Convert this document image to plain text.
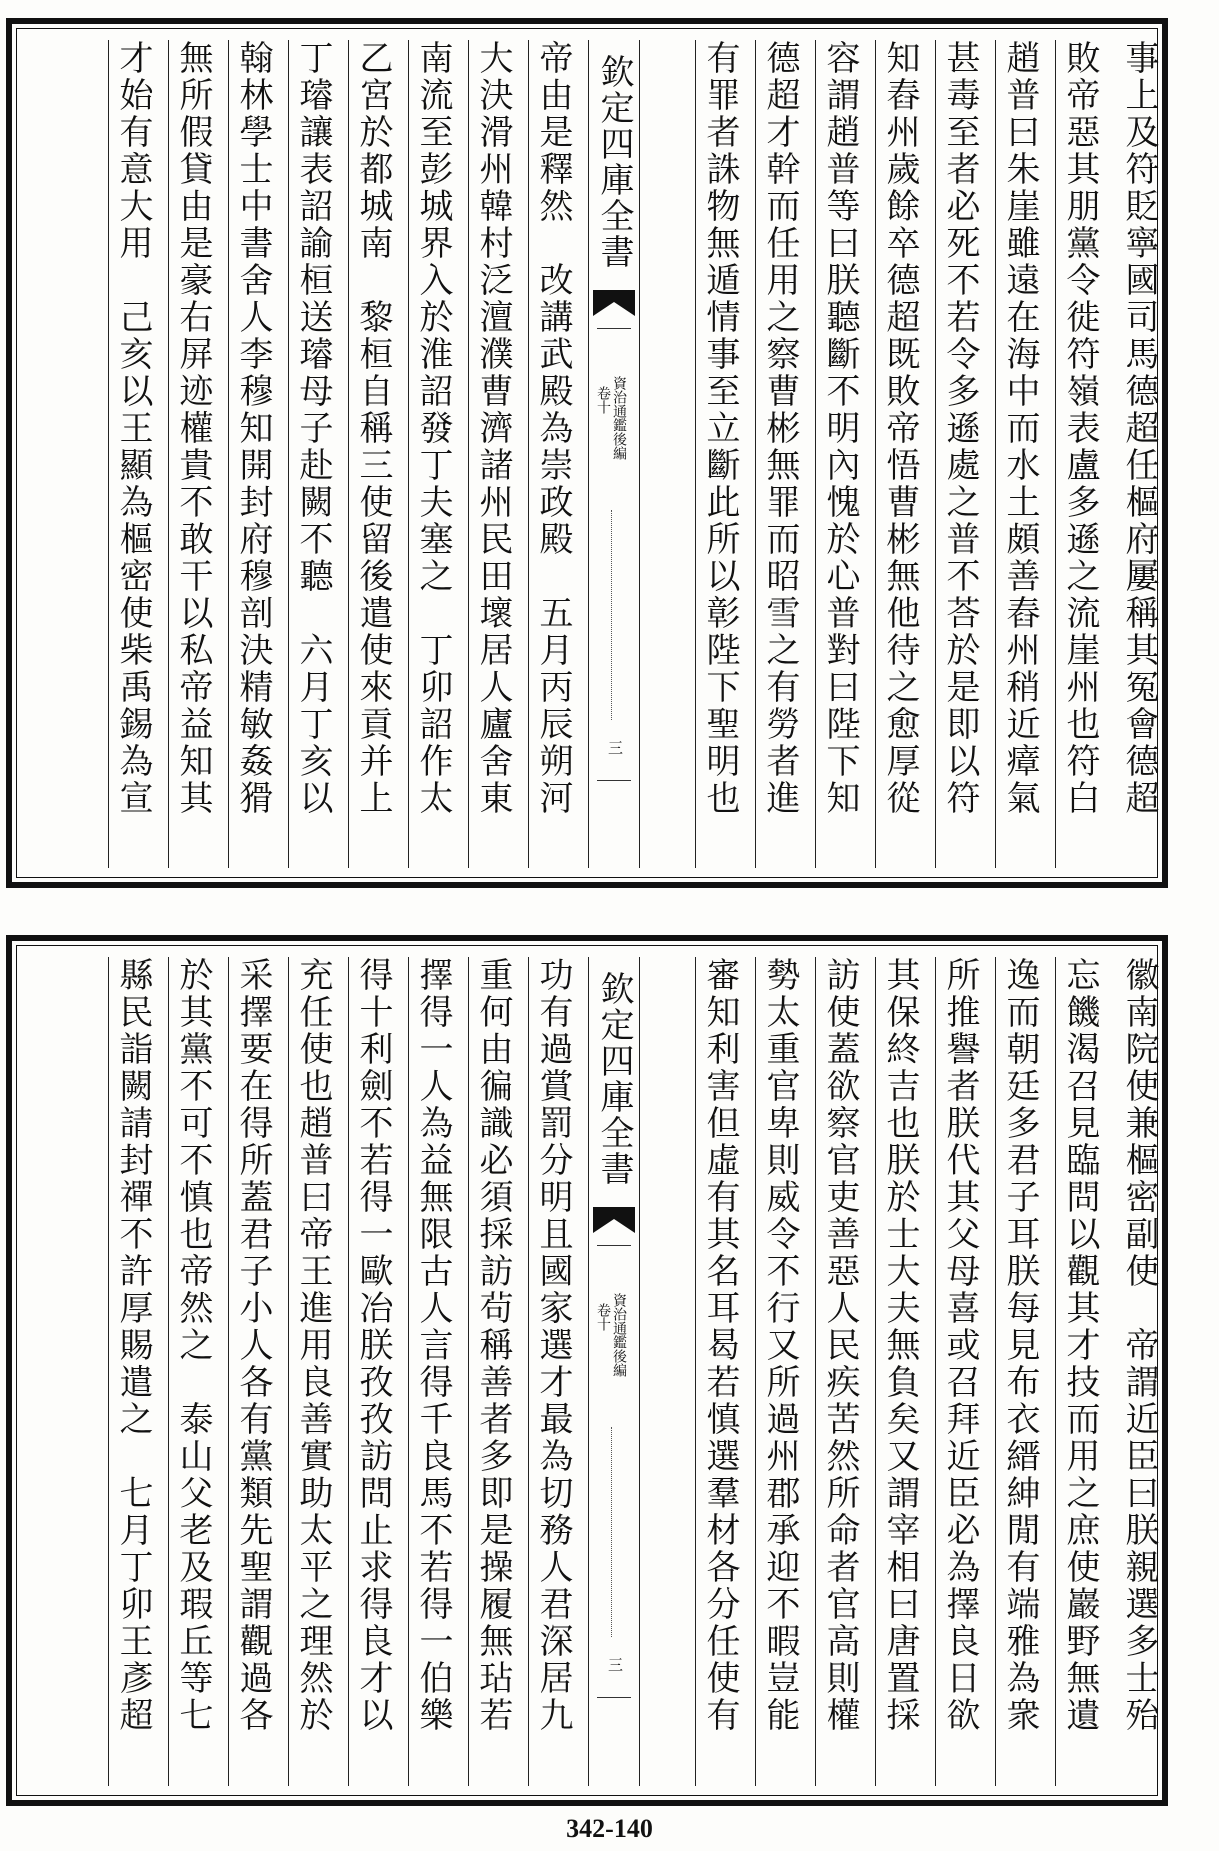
事上及符貶寧國司馬德超任樞府屢稱其冤會德超
敗帝惡其朋黨令徙符嶺表盧多遜之流崖州也符白
趙普曰朱崖雖遠在海中而水土頗善舂州稍近瘴氣
甚毒至者必死不若令多遜處之普不荅於是即以符
知舂州歲餘卒德超既敗帝悟曹彬無他待之愈厚從
容謂趙普等曰朕聽斷不明內愧於心普對曰陛下知
德超才幹而任用之察曹彬無罪而昭雪之有勞者進
有罪者誅物無遁情事至立斷此所以彰陛下聖明也
欽定四庫全書
資治通鑑後編
卷十
三
帝由是釋然　改講武殿為崇政殿　五月丙辰朔河
大決滑州韓村泛澶濮曹濟諸州民田壞居人廬舍東
南流至彭城界入於淮詔發丁夫塞之　丁卯詔作太
乙宮於都城南　黎桓自稱三使留後遣使來貢并上
丁璿讓表詔諭桓送璿母子赴闕不聽　六月丁亥以
翰林學士中書舍人李穆知開封府穆剖決精敏姦猾
無所假貸由是豪右屏迹權貴不敢干以私帝益知其
才始有意大用　己亥以王顯為樞密使柴禹錫為宣
徽南院使兼樞密副使　帝謂近臣曰朕親選多士殆
忘饑渴召見臨問以觀其才技而用之庶使巖野無遺
逸而朝廷多君子耳朕每見布衣縉紳閒有端雅為衆
所推譽者朕代其父母喜或召拜近臣必為擇良日欲
其保終吉也朕於士大夫無負矣又謂宰相曰唐置採
訪使蓋欲察官吏善惡人民疾苦然所命者官高則權
勢太重官卑則威令不行又所過州郡承迎不暇豈能
審知利害但虛有其名耳曷若慎選羣材各分任使有
欽定四庫全書
資治通鑑後編
卷十
三
功有過賞罰分明且國家選才最為切務人君深居九
重何由徧識必須採訪茍稱善者多即是操履無玷若
擇得一人為益無限古人言得千良馬不若得一伯樂
得十利劍不若得一歐冶朕孜孜訪問止求得良才以
充任使也趙普曰帝王進用良善實助太平之理然於
采擇要在得所蓋君子小人各有黨類先聖謂觀過各
於其黨不可不慎也帝然之　泰山父老及瑕丘等七
縣民詣闕請封禪不許厚賜遣之　七月丁卯王彥超
342-140
